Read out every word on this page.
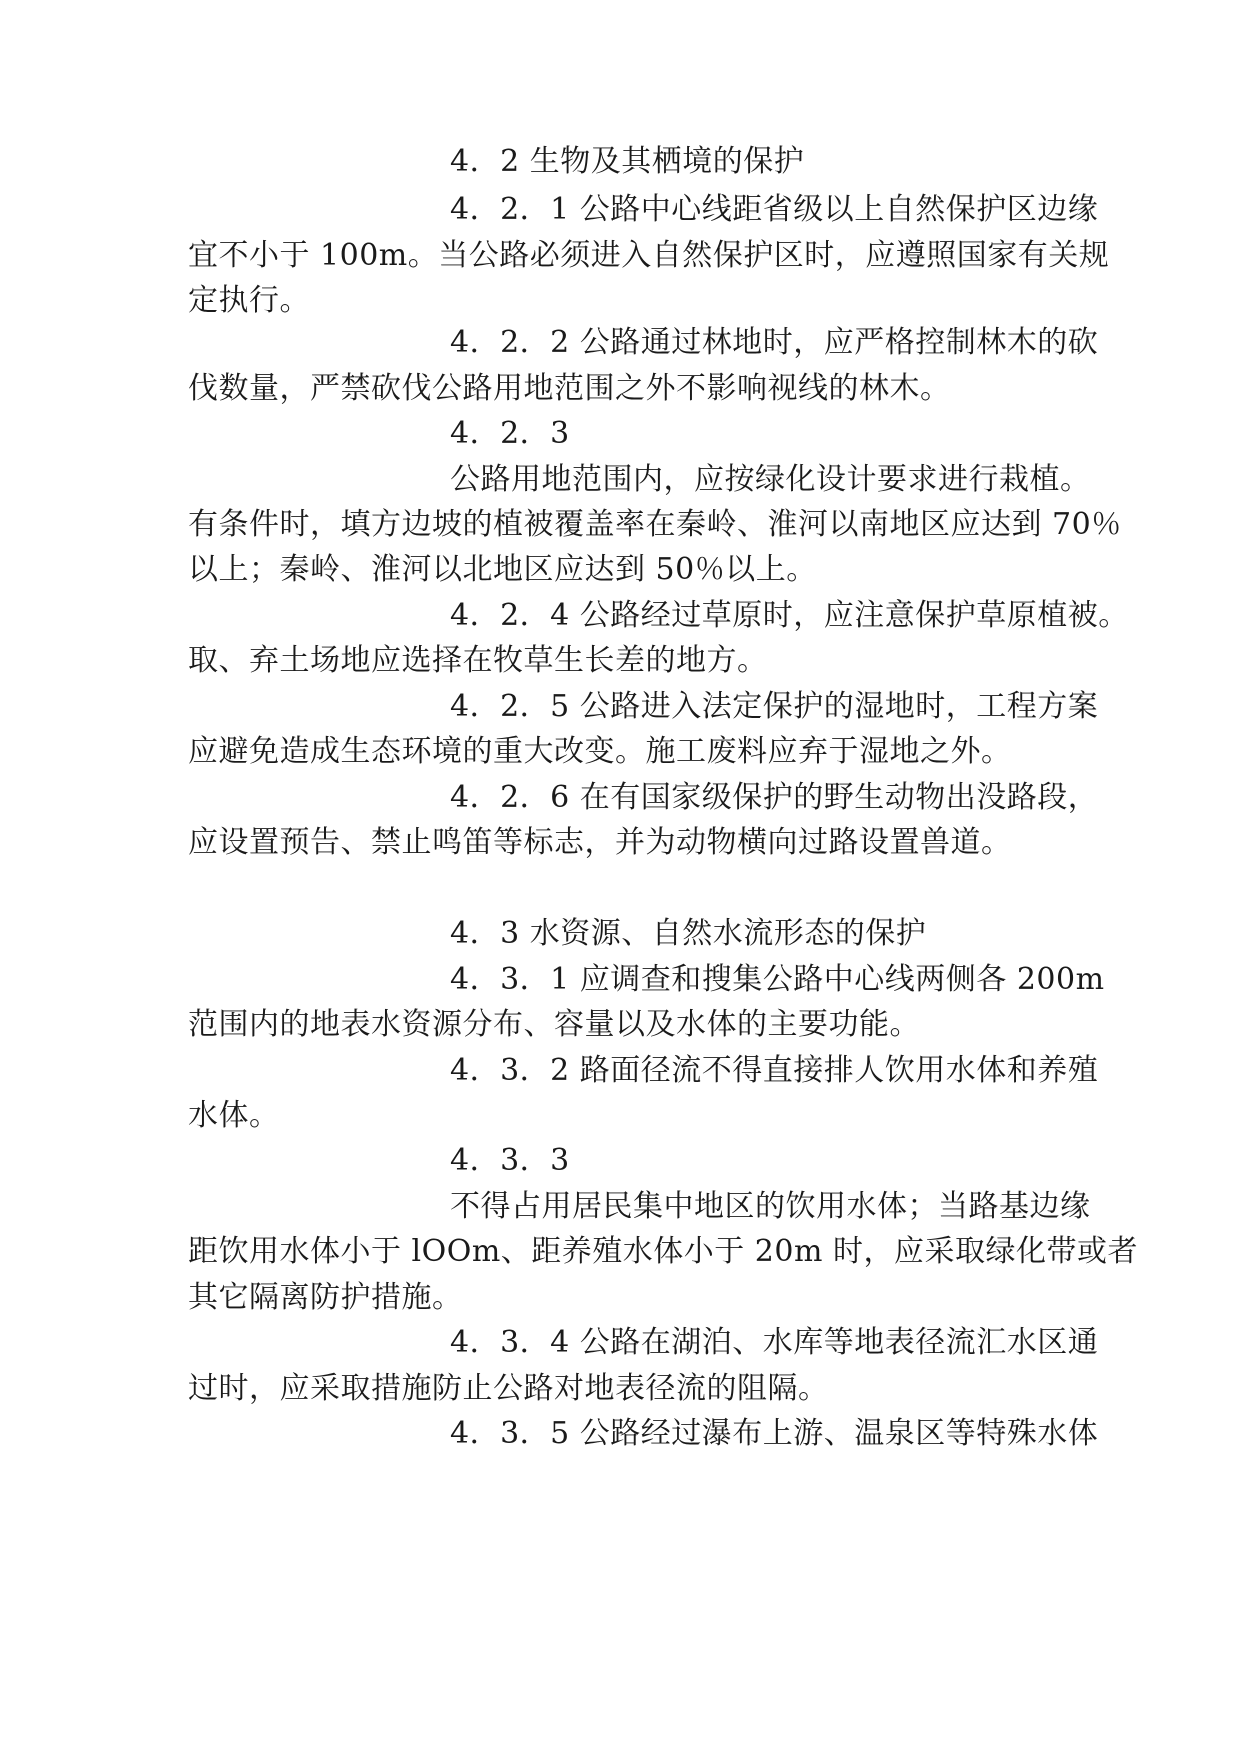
4．2 生物及其栖境的保护
4．2．1 公路中心线距省级以上自然保护区边缘
宜不小于 100m。当公路必须进入自然保护区时，应遵照国家有关规
定执行。
4．2．2 公路通过林地时，应严格控制林木的砍
伐数量，严禁砍伐公路用地范围之外不影响视线的林木。
4．2．3
公路用地范围内，应按绿化设计要求进行栽植。
有条件时，填方边坡的植被覆盖率在秦岭、淮河以南地区应达到 70％
以上；秦岭、淮河以北地区应达到 50％以上。
4．2．4 公路经过草原时，应注意保护草原植被。
取、弃土场地应选择在牧草生长差的地方。
4．2．5 公路进入法定保护的湿地时，工程方案
应避免造成生态环境的重大改变。施工废料应弃于湿地之外。
4．2．6 在有国家级保护的野生动物出没路段，
应设置预告、禁止鸣笛等标志，并为动物横向过路设置兽道。
4．3 水资源、自然水流形态的保护
4．3．1 应调查和搜集公路中心线两侧各 200m
范围内的地表水资源分布、容量以及水体的主要功能。
4．3．2 路面径流不得直接排人饮用水体和养殖
水体。
4．3．3
不得占用居民集中地区的饮用水体；当路基边缘
距饮用水体小于 lOOm、距养殖水体小于 20m 时，应采取绿化带或者
其它隔离防护措施。
4．3．4 公路在湖泊、水库等地表径流汇水区通
过时，应采取措施防止公路对地表径流的阻隔。
4．3．5 公路经过瀑布上游、温泉区等特殊水体
